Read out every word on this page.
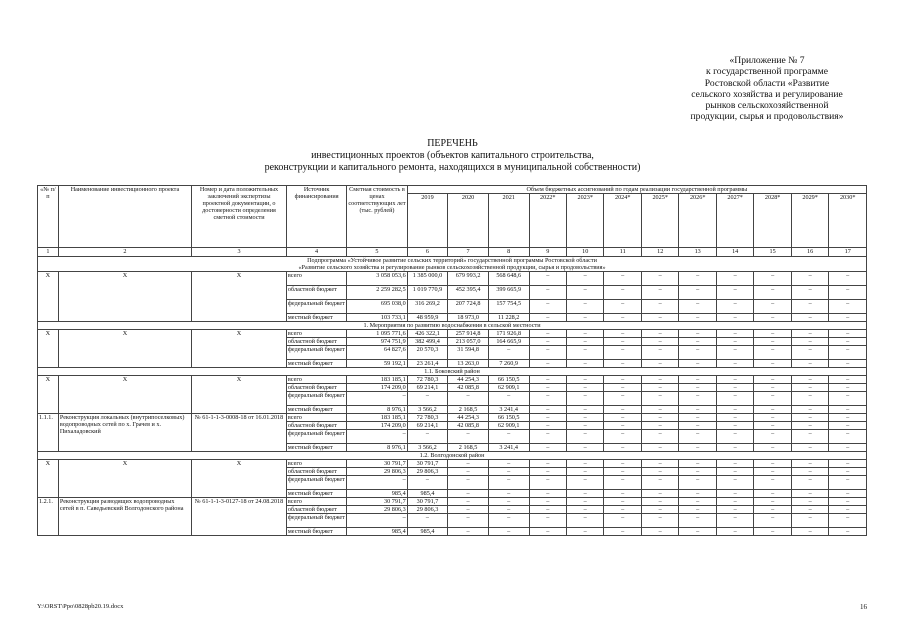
«Приложение № 7
к государственной программе
Ростовской области «Развитие
сельского хозяйства и регулирование
рынков сельскохозяйственной
продукции, сырья и продовольствия»
ПЕРЕЧЕНЬ
инвестиционных проектов (объектов капитального строительства,
реконструкции и капитального ремонта, находящихся в муниципальной собственности)
«№ п/п	Наименование инвестиционного проекта	Номер и дата положительных заключений экспертизы проектной документации, о достоверности определения сметной стоимости	Источник финансирования	Сметная стоимость в ценах соответствующих лет (тыс. рублей)	Объем бюджетных ассигнований по годам реализации государственной программы											
					2019	2020	2021	2022*	2023*	2024*	2025*	2026*	2027*	2028*	2029*	2030*
1	2	3	4	5	6	7	8	9	10	11	12	13	14	15	16	17

Подпрограмма «Устойчивое развитие сельских территорий» государственной программы Ростовской области
«Развитие сельского хозяйства и регулирование рынков сельскохозяйственной продукции, сырья и продовольствия»																

X	X	X	всего	3 058 053,6	1 385 000,0	679 993,2	568 648,6	–	–	–	–	–	–	–	–	–
			областной бюджет	2 259 282,5	1 019 770,9	452 395,4	399 665,9	–	–	–	–	–	–	–	–	–
			федеральный бюджет	695 038,0	316 269,2	207 724,8	157 754,5	–	–	–	–	–	–	–	–	–
			местный бюджет	103 733,1	48 959,9	18 973,0	11 228,2	–	–	–	–	–	–	–	–	–

1. Мероприятия по развитию водоснабжения в сельской местности																

X	X	X	всего	1 095 771,6	426 322,1	257 914,8	171 926,8	–	–	–	–	–	–	–	–	–
			областной бюджет	974 751,9	382 499,4	213 057,0	164 665,9	–	–	–	–	–	–	–	–	–
			федеральный бюджет	64 827,6	20 570,3	31 594,8	–	–	–	–	–	–	–	–	–	–
			местный бюджет	59 192,1	23 261,4	13 263,0	7 260,9	–	–	–	–	–	–	–	–	–

1.1. Боковский район																

X	X	X	всего	183 185,1	72 780,3	44 254,3	66 150,5	–	–	–	–	–	–	–	–	–
			областной бюджет	174 209,0	69 214,1	42 085,8	62 909,1	–	–	–	–	–	–	–	–	–
			федеральный бюджет	–	–	–	–	–	–	–	–	–	–	–	–	–
			местный бюджет	8 976,1	3 566,2	2 168,5	3 241,4	–	–	–	–	–	–	–	–	–
1.1.1.	Реконструкция локальных (внутрипоселковых) водопроводных сетей по х. Грачев и х. Пихаладовский	№ 61-1-1-3-0008-18 от 16.01.2018	всего	183 185,1	72 780,3	44 254,3	66 150,5	–	–	–	–	–	–	–	–	–
			областной бюджет	174 209,0	69 214,1	42 085,8	62 909,1	–	–	–	–	–	–	–	–	–
			федеральный бюджет	–	–	–	–	–	–	–	–	–	–	–	–	–
			местный бюджет	8 976,1	3 566,2	2 168,5	3 241,4	–	–	–	–	–	–	–	–	–

1.2. Волгодонской район																

X	X	X	всего	30 791,7	30 791,7	–	–	–	–	–	–	–	–	–	–	–
			областной бюджет	29 806,3	29 806,3	–	–	–	–	–	–	–	–	–	–	–
			федеральный бюджет	–	–	–	–	–	–	–	–	–	–	–	–	–
			местный бюджет	985,4	985,4	–	–	–	–	–	–	–	–	–	–	–
1.2.1.	Реконструкция разводящих водопроводных сетей в п. Саведьевский Волгодонского района	№ 61-1-1-3-0127-18 от 24.08.2018	всего	30 791,7	30 791,7	–	–	–	–	–	–	–	–	–	–	–
			областной бюджет	29 806,3	29 806,3	–	–	–	–	–	–	–	–	–	–	–
			федеральный бюджет	–	–	–	–	–	–	–	–	–	–	–	–	–
			местный бюджет	985,4	985,4	–	–	–	–	–	–	–	–	–	–	–
Y:\ORST\Ppo\0828pb20.19.docx	16
